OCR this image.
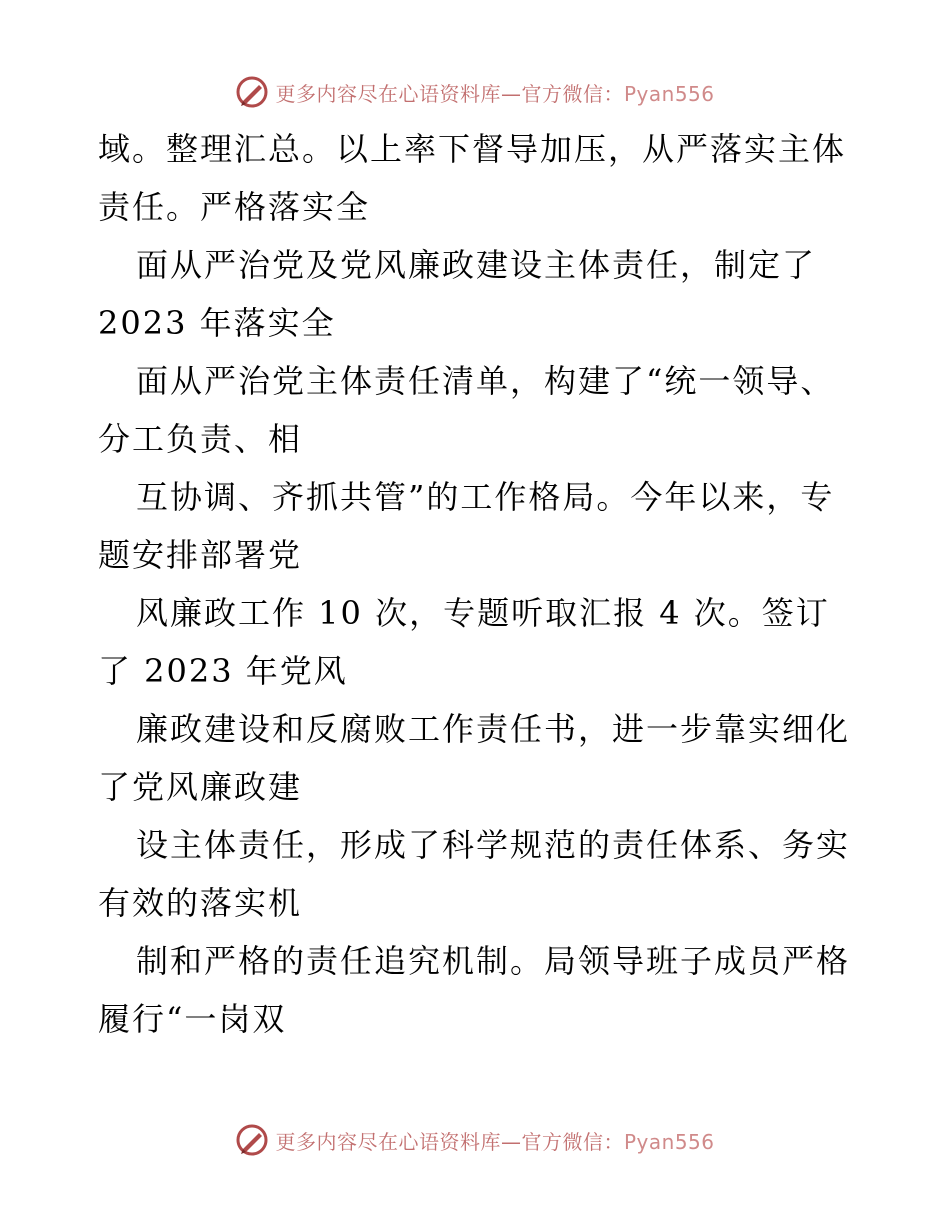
更多内容尽在心语资料库—官方微信：Pyan556
域。整理汇总。以上率下督导加压，从严落实主体
责任。严格落实全
面从严治党及党风廉政建设主体责任，制定了
2023 年落实全
面从严治党主体责任清单，构建了“统一领导、
分工负责、相
互协调、齐抓共管”的工作格局。今年以来，专
题安排部署党
风廉政工作 10 次，专题听取汇报 4 次。签订
了 2023 年党风
廉政建设和反腐败工作责任书，进一步靠实细化
了党风廉政建
设主体责任，形成了科学规范的责任体系、务实
有效的落实机
制和严格的责任追究机制。局领导班子成员严格
履行“一岗双
更多内容尽在心语资料库—官方微信：Pyan556
